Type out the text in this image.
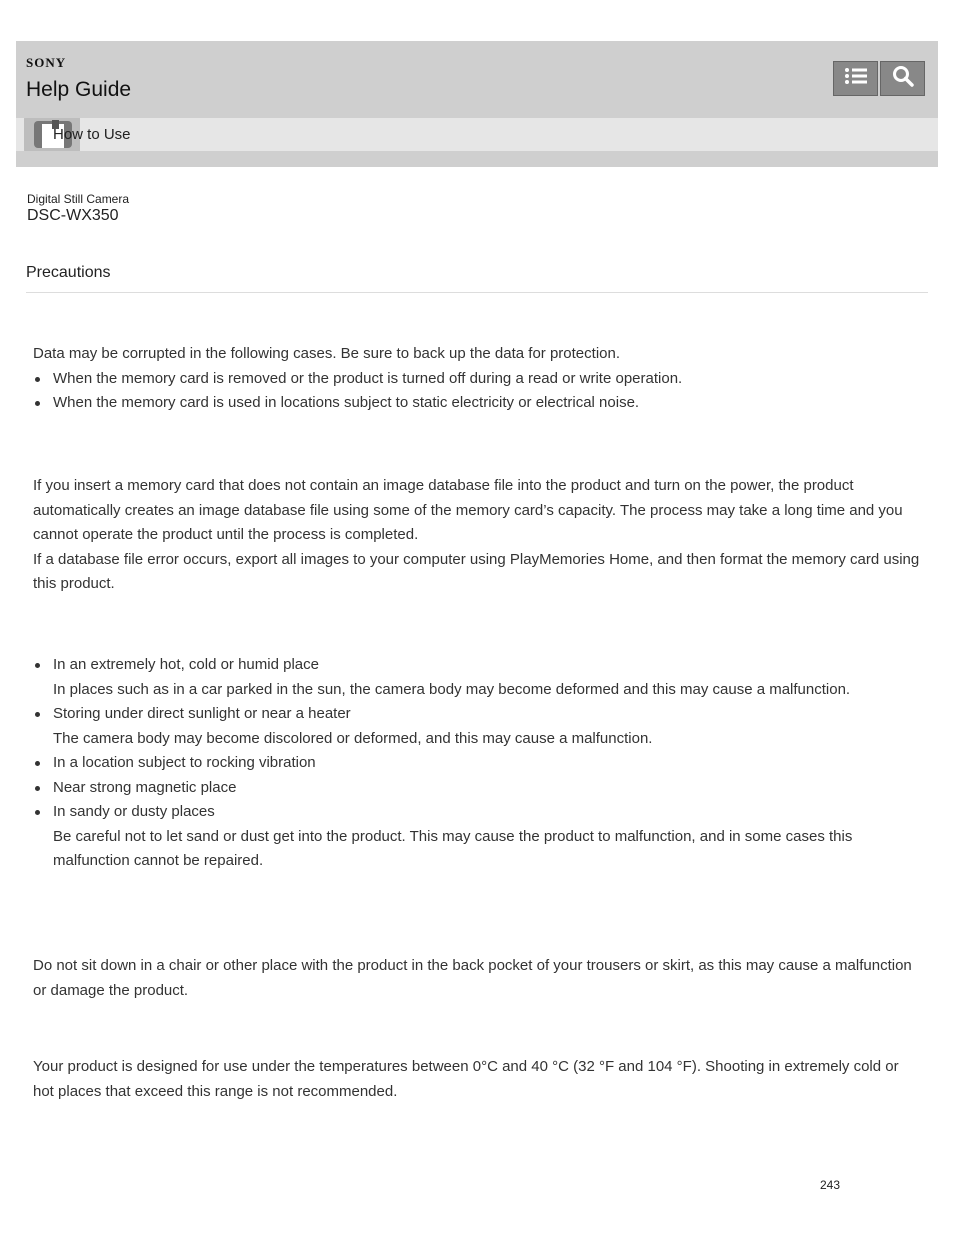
SONY
Help Guide
How to Use
Digital Still Camera
DSC-WX350
Precautions

Data may be corrupted in the following cases. Be sure to back up the data for protection.

When the memory card is removed or the product is turned off during a read or write operation.
When the memory card is used in locations subject to static electricity or electrical noise.

If you insert a memory card that does not contain an image database file into the product and turn on the power, the product automatically creates an image database file using some of the memory card’s capacity. The process may take a long time and you cannot operate the product until the process is completed.

If a database file error occurs, export all images to your computer using PlayMemories Home, and then format the memory card using this product.

In an extremely hot, cold or humid place
In places such as in a car parked in the sun, the camera body may become deformed and this may cause a malfunction.
Storing under direct sunlight or near a heater
The camera body may become discolored or deformed, and this may cause a malfunction.
In a location subject to rocking vibration
Near strong magnetic place
In sandy or dusty places
Be careful not to let sand or dust get into the product. This may cause the product to malfunction, and in some cases this malfunction cannot be repaired.

Do not sit down in a chair or other place with the product in the back pocket of your trousers or skirt, as this may cause a malfunction or damage the product.

Your product is designed for use under the temperatures between 0°C and 40 °C (32 °F and 104 °F). Shooting in extremely cold or hot places that exceed this range is not recommended.

243
